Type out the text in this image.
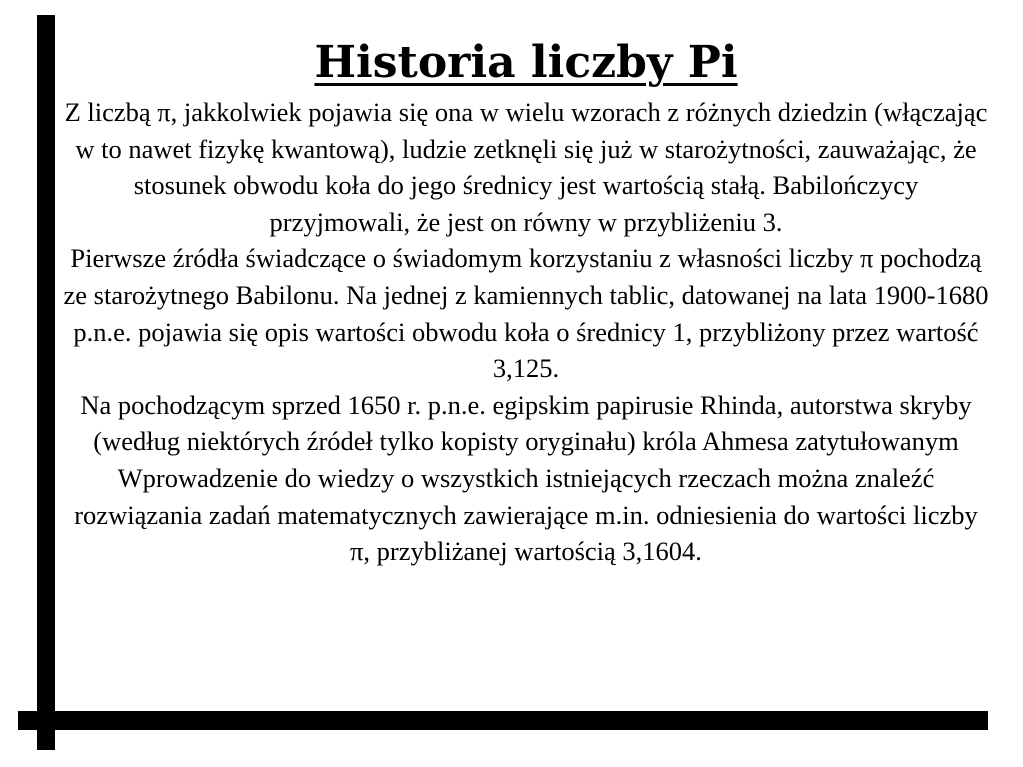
Historia liczby Pi

Z liczbą π, jakkolwiek pojawia się ona w wielu wzorach z różnych dziedzin (włączając w to nawet fizykę kwantową), ludzie zetknęli się już w starożytności, zauważając, że stosunek obwodu koła do jego średnicy jest wartością stałą. Babilończycy przyjmowali, że jest on równy w przybliżeniu 3.

Pierwsze źródła świadczące o świadomym korzystaniu z własności liczby π pochodzą ze starożytnego Babilonu. Na jednej z kamiennych tablic, datowanej na lata 1900-1680 p.n.e. pojawia się opis wartości obwodu koła o średnicy 1, przybliżony przez wartość 3,125.

Na pochodzącym sprzed 1650 r. p.n.e. egipskim papirusie Rhinda, autorstwa skryby (według niektórych źródeł tylko kopisty oryginału) króla Ahmesa zatytułowanym Wprowadzenie do wiedzy o wszystkich istniejących rzeczach można znaleźć rozwiązania zadań matematycznych zawierające m.in. odniesienia do wartości liczby π, przybliżanej wartością 3,1604.
